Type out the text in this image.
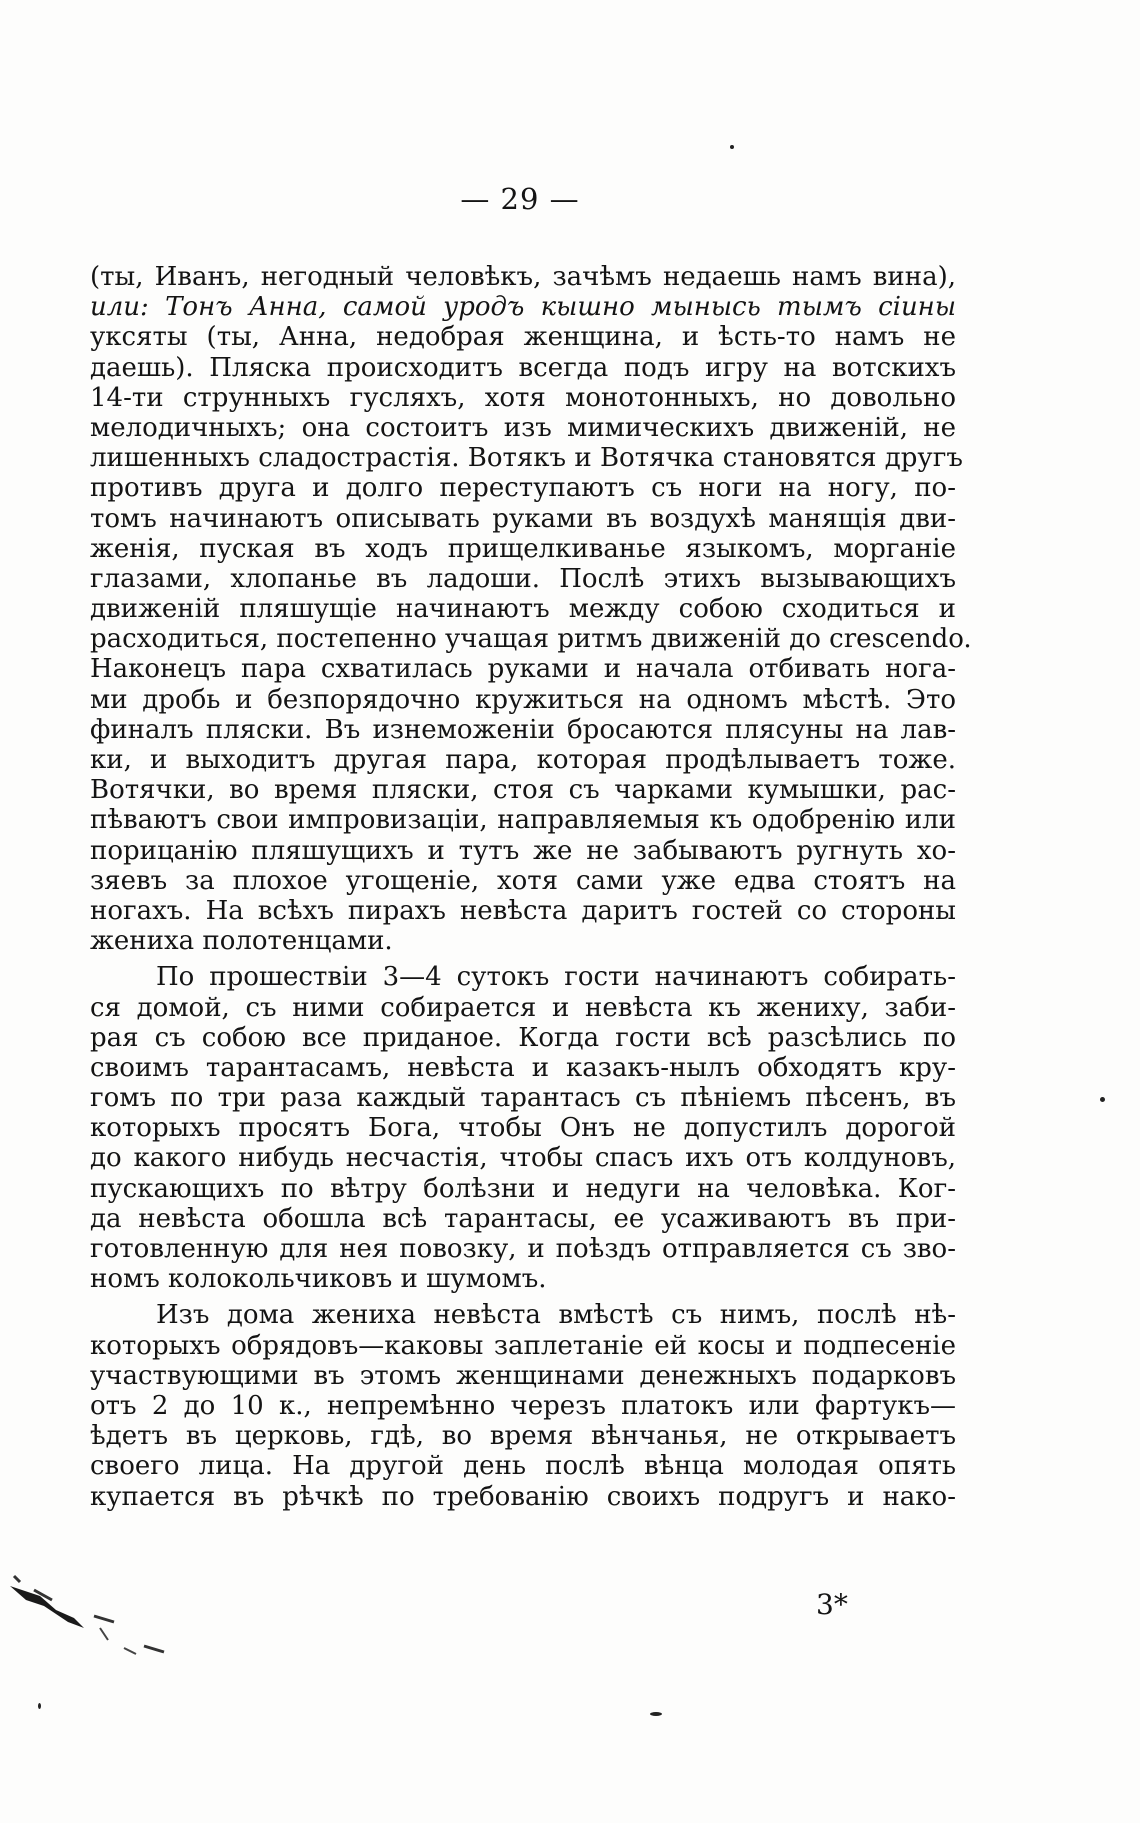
— 29 —
(ты, Иванъ, негодный человѣкъ, зачѣмъ недаешь намъ вина),
или: Тонъ Анна, самой уродъ кышно мынысь тымъ сіины
уксяты (ты, Анна, недобрая женщина, и ѣсть-то намъ не
даешь). Пляска происходитъ всегда подъ игру на вотскихъ
14-ти струнныхъ гусляхъ, хотя монотонныхъ, но довольно
мелодичныхъ; она состоитъ изъ мимическихъ движеній, не
лишенныхъ сладострастія. Вотякъ и Вотячка становятся другъ
противъ друга и долго переступаютъ съ ноги на ногу, по-
томъ начинаютъ описывать руками въ воздухѣ манящія дви-
женія, пуская въ ходъ прищелкиванье языкомъ, морганіе
глазами, хлопанье въ ладоши. Послѣ этихъ вызывающихъ
движеній пляшущіе начинаютъ между собою сходиться и
расходиться, постепенно учащая ритмъ движеній до crescendo.
Наконецъ пара схватилась руками и начала отбивать нога-
ми дробь и безпорядочно кружиться на одномъ мѣстѣ. Это
финалъ пляски. Въ изнеможеніи бросаются плясуны на лав-
ки, и выходитъ другая пара, которая продѣлываетъ тоже.
Вотячки, во время пляски, стоя съ чарками кумышки, рас-
пѣваютъ свои импровизаціи, направляемыя къ одобренію или
порицанію пляшущихъ и тутъ же не забываютъ ругнуть хо-
зяевъ за плохое угощеніе, хотя сами уже едва стоятъ на
ногахъ. На всѣхъ пирахъ невѣста даритъ гостей со стороны
жениха полотенцами.
По прошествіи 3—4 сутокъ гости начинаютъ собирать-
ся домой, съ ними собирается и невѣста къ жениху, заби-
рая съ собою все приданое. Когда гости всѣ разсѣлись по
своимъ тарантасамъ, невѣста и казакъ-нылъ обходятъ кру-
гомъ по три раза каждый тарантасъ съ пѣніемъ пѣсенъ, въ
которыхъ просятъ Бога, чтобы Онъ не допустилъ дорогой
до какого нибудь несчастія, чтобы спасъ ихъ отъ колдуновъ,
пускающихъ по вѣтру болѣзни и недуги на человѣка. Ког-
да невѣста обошла всѣ тарантасы, ее усаживаютъ въ при-
готовленную для нея повозку, и поѣздъ отправляется съ зво-
номъ колокольчиковъ и шумомъ.
Изъ дома жениха невѣста вмѣстѣ съ нимъ, послѣ нѣ-
которыхъ обрядовъ—каковы заплетаніе ей косы и подпесеніе
участвующими въ этомъ женщинами денежныхъ подарковъ
отъ 2 до 10 к., непремѣнно черезъ платокъ или фартукъ—
ѣдетъ въ церковь, гдѣ, во время вѣнчанья, не открываетъ
своего лица. На другой день послѣ вѣнца молодая опять
купается въ рѣчкѣ по требованію своихъ подругъ и нако-
3*
